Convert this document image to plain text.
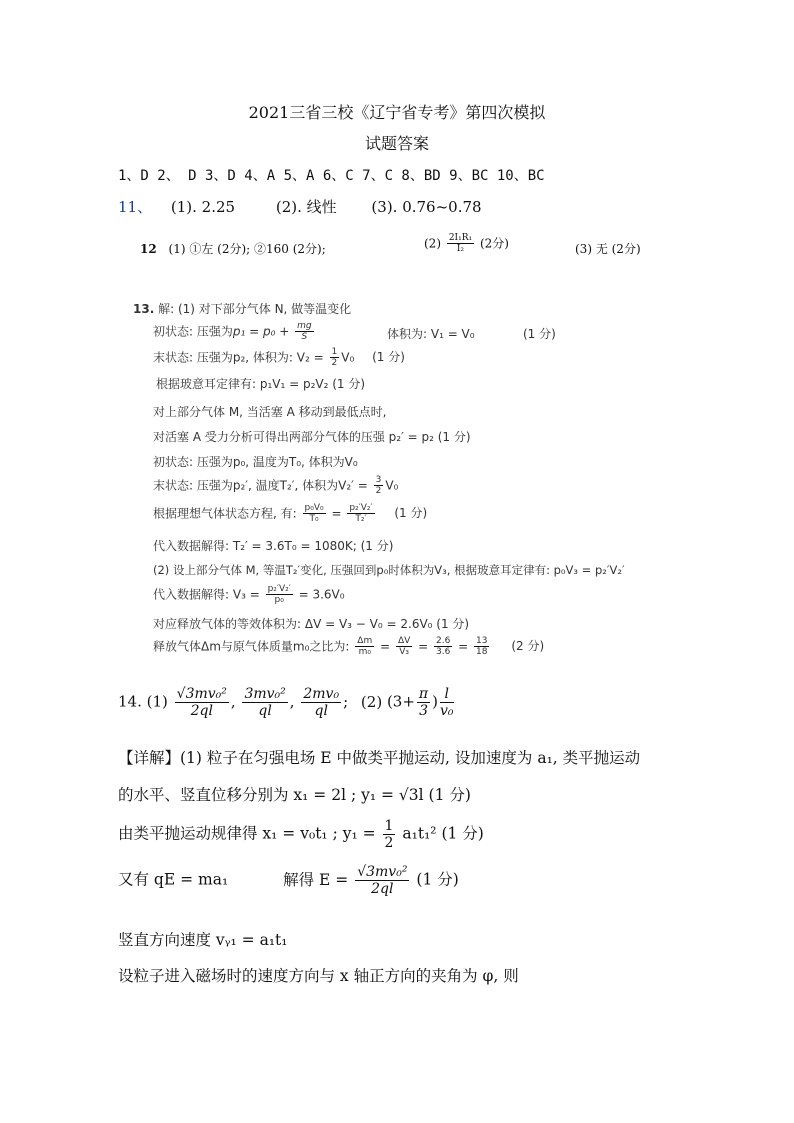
2021三省三校《辽宁省专考》第四次模拟
试题答案
1、D 2、 D 3、D 4、A 5、A 6、C 7、C 8、BD 9、BC 10、BC
11、 (1). 2.25	(2). 线性 (3). 0.76~0.78
12 (1) ①左 (2分); ②160 (2分);	$(2) \frac{\text{2I₁R₁}}{\text{I₂}} (2$分)	(3) 无 (2分)
13. 解: (1) 对下部分气体 N, 做等温变化
初状态: 压强为$p_1 = p_0 + \frac{mg}{S}$	体积为: V₁ = V₀	(1 分)
末状态: 压强为p₂, 体积为: $V_2 = \frac{1}{2} V_0$ (1 分)
根据玻意耳定律有: p₁V₁ = p₂V₂ (1 分)
对上部分气体 M, 当活塞 A 移动到最低点时,
对活塞 A 受力分析可得出两部分气体的压强 p₂′ = p₂ (1 分)
初状态: 压强为p₀, 温度为T₀, 体积为V₀
末状态: 压强为p₂′, 温度T₂′, 体积为$V_2' = \frac{3}{2} V_0$
根据理想气体状态方程, 有: $\frac{\text{p₀V₀}}{\text{T₀}} = \frac{\text{p₂′V₂′}}{\text{T₂′}} (1$ 分)
代入数据解得: T₂′ = 3.6T₀ = 1080K; (1 分)
(2) 设上部分气体 M, 等温T₂′变化, 压强回到p₀时体积为V₃, 根据玻意耳定律有: p₀V₃ = p₂′V₂′
代入数据解得: $V_3 = \frac{\text{p₂′V₂′}}{\text{p₀}} = 3.6V_0$
对应释放气体的等效体积为: ΔV = V₃ − V₀ = 2.6V₀ (1 分)
释放气体Δm与原气体质量m₀之比为: $\frac{\Delta m}{\text{m₀}} = \frac{\Delta V}{\text{V₃}} = \frac{2.6}{3.6} = \frac{13}{18} (2$ 分)
14. $(1) \frac{\text{√3mv₀²}}{2ql}$ , $\frac{\text{3mv₀²}}{ql}$ , $\frac{\text{2mv₀}}{ql}$ ; (2) ($3+ \frac{\pi}{3}$ ) $\frac{l}{\text{v₀}}$
【详解】(1) 粒子在匀强电场 E 中做类平抛运动, 设加速度为 a₁, 类平抛运动
的水平、竖直位移分别为 x₁ = 2l ; y₁ = √3l (1 分)
由类平抛运动规律得 x₁ = v₀t₁ ; $y_1 = \frac{1}{2} a_1t_1^2$ (1 分)
又有 qE = ma₁	解得 $E = \frac{\text{√3mv₀²}}{2ql} (1$ 分)
竖直方向速度 vᵧ₁ = a₁t₁
设粒子进入磁场时的速度方向与 x 轴正方向的夹角为 φ, 则
